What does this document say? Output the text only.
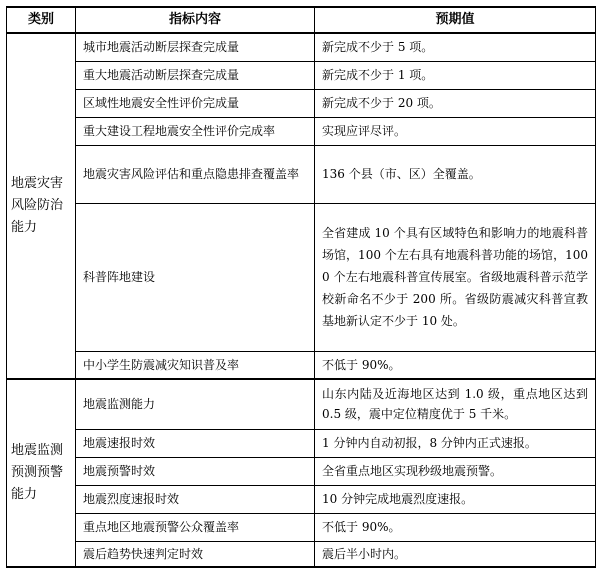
类别	指标内容	预期值
地震灾害风险防治能力	城市地震活动断层探查完成量	新完成不少于 5 项。
	重大地震活动断层探查完成量	新完成不少于 1 项。
	区域性地震安全性评价完成量	新完成不少于 20 项。
	重大建设工程地震安全性评价完成率	实现应评尽评。
	地震灾害风险评估和重点隐患排查覆盖率	136 个县（市、区）全覆盖。
	科普阵地建设	全省建成 10 个具有区域特色和影响力的地震科普场馆，100 个左右具有地震科普功能的场馆，1000 个左右地震科普宣传展室。省级地震科普示范学校新命名不少于 200 所。省级防震减灾科普宣教基地新认定不少于 10 处。
	中小学生防震减灾知识普及率	不低于 90%。
地震监测预测预警能力	地震监测能力	山东内陆及近海地区达到 1.0 级，重点地区达到 0.5 级，震中定位精度优于 5 千米。
	地震速报时效	1 分钟内自动初报，8 分钟内正式速报。
	地震预警时效	全省重点地区实现秒级地震预警。
	地震烈度速报时效	10 分钟完成地震烈度速报。
	重点地区地震预警公众覆盖率	不低于 90%。
	震后趋势快速判定时效	震后半小时内。
